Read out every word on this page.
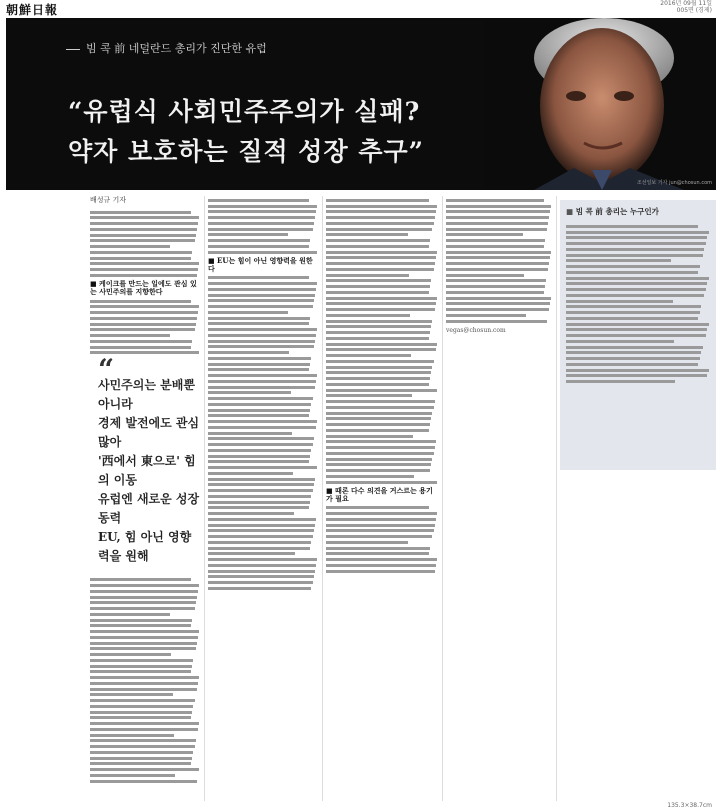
朝鮮日報	2016년 09월 11일
005면 (경제)
빔 콕 前 네덜란드 총리가 진단한 유럽
“유럽식 사회민주주의가 실패?
약자 보호하는 질적 성장 추구”
조선일보 기자 jun@chosun.com
배성규 기자
■ 케이크를 만드는 일에도 관심 있는 사민주의를 지향한다
“ 사민주의는 분배뿐 아니라
경제 발전에도 관심 많아
'西에서 東으로' 힘의 이동
유럽엔 새로운 성장 동력
EU, 힘 아닌 영향력을 원해
■ EU는 힘이 아닌 영향력을 원한다
■ 때론 다수 의견을 거스르는 용기가 필요
vegas@chosun.com
■ 빔 콕 前 총리는 누구인가
135.3×38.7cm
